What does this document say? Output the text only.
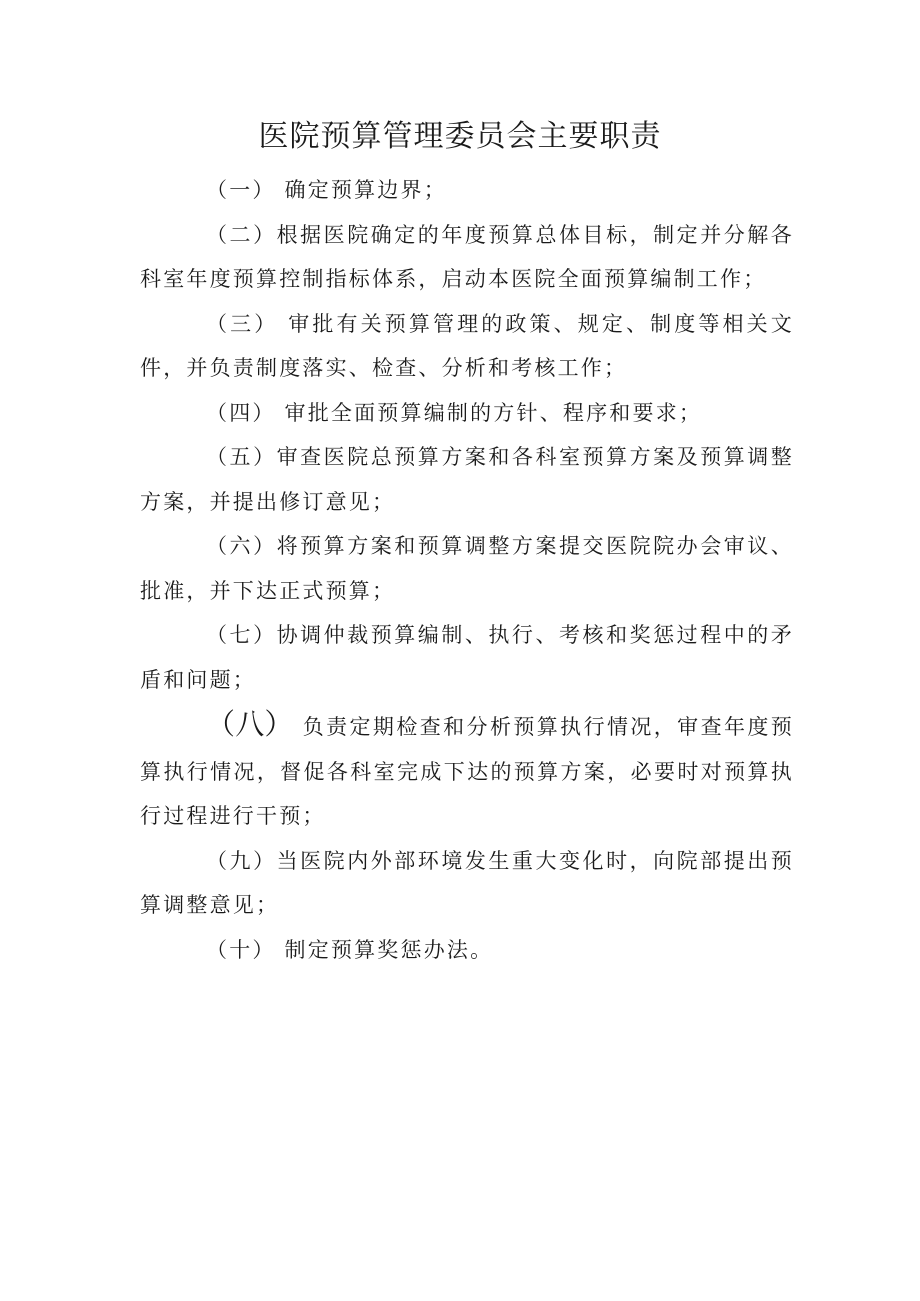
医院预算管理委员会主要职责

（一） 确定预算边界；

（二）根据医院确定的年度预算总体目标，制定并分解各科室年度预算控制指标体系，启动本医院全面预算编制工作；

（三） 审批有关预算管理的政策、规定、制度等相关文件，并负责制度落实、检查、分析和考核工作；

（四） 审批全面预算编制的方针、程序和要求；

（五）审查医院总预算方案和各科室预算方案及预算调整方案，并提出修订意见；

（六）将预算方案和预算调整方案提交医院院办会审议、批准，并下达正式预算；

（七）协调仲裁预算编制、执行、考核和奖惩过程中的矛盾和问题；

（八） 负责定期检查和分析预算执行情况，审查年度预算执行情况，督促各科室完成下达的预算方案，必要时对预算执行过程进行干预；

（九）当医院内外部环境发生重大变化时，向院部提出预算调整意见；

（十） 制定预算奖惩办法。
